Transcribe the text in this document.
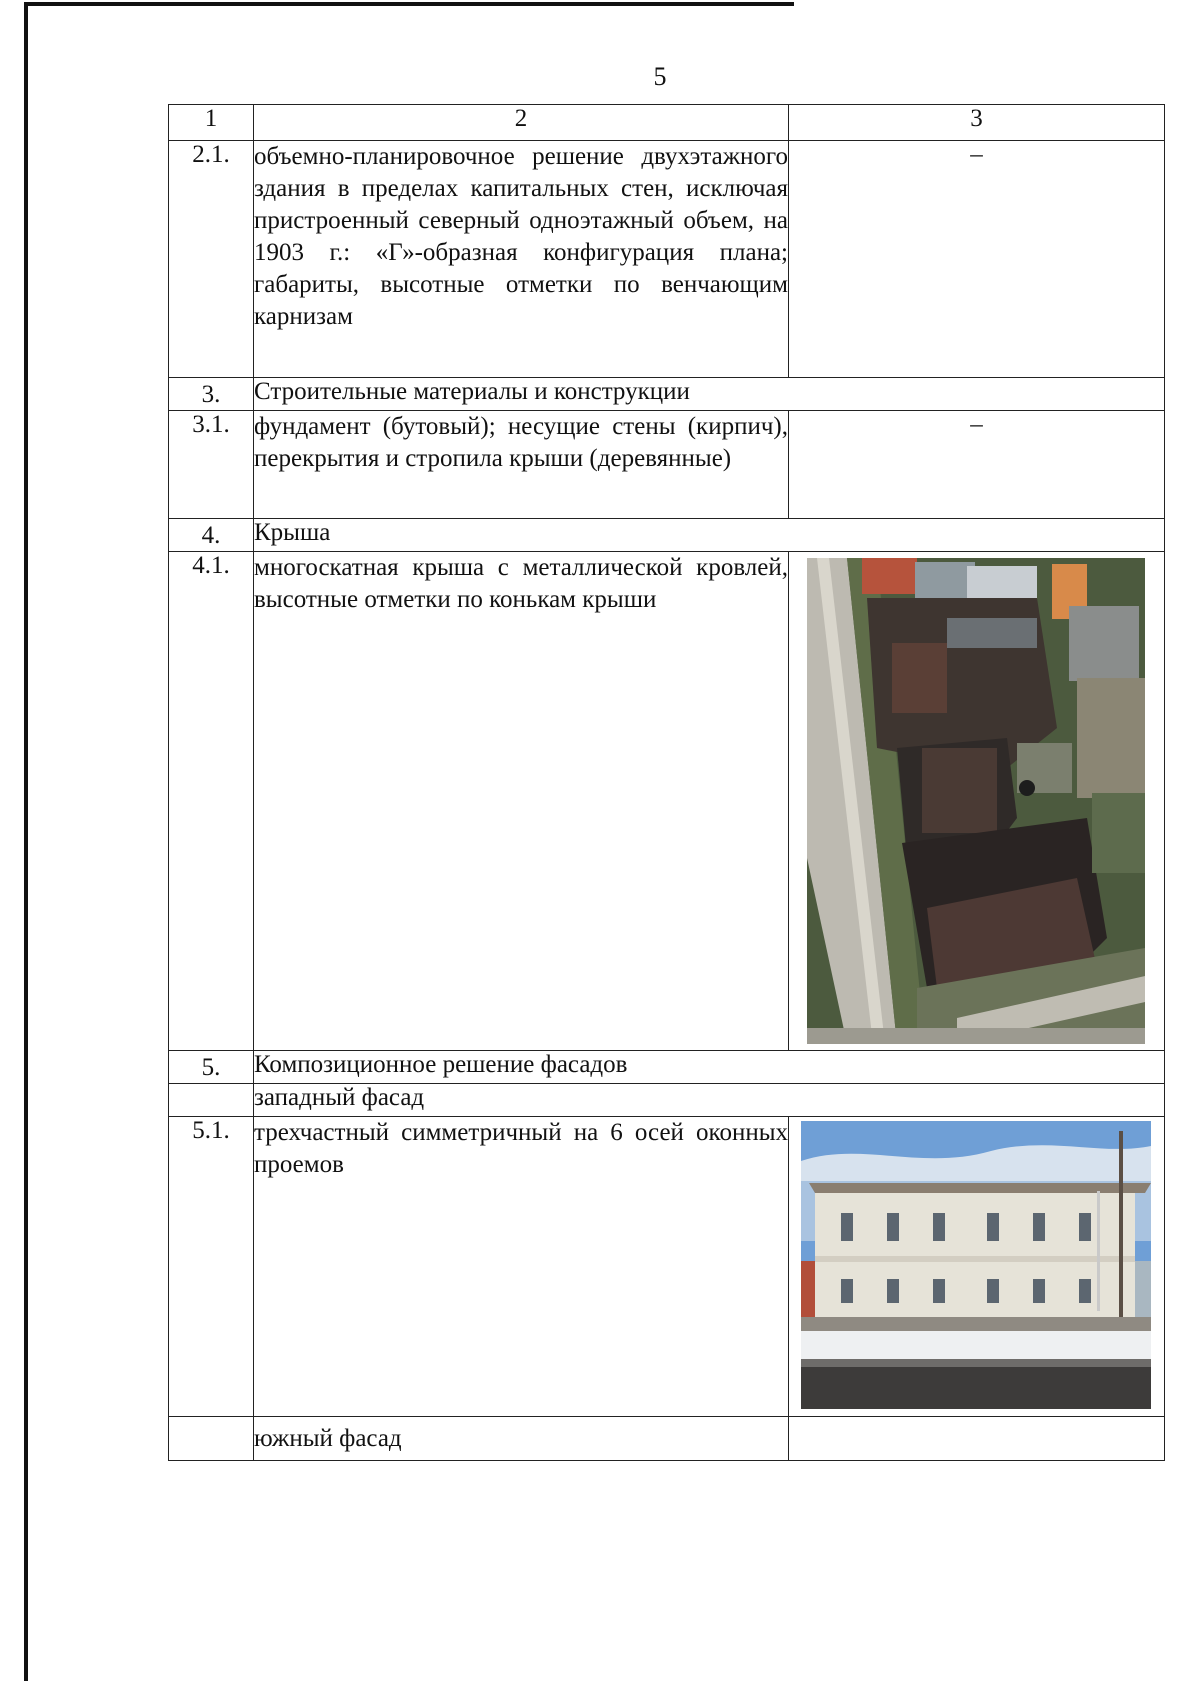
5
1	2	3
2.1.	объемно-планировочное решение двухэтажного здания в пределах капитальных стен, исключая пристроенный северный одноэтажный объем, на 1903 г.: «Г»-образная конфигурация плана; габариты, высотные отметки по венчающим карнизам	–
3.	Строительные материалы и конструкции	
3.1.	фундамент (бутовый); несущие стены (кирпич), перекрытия и стропила крыши (деревянные)	–
4.	Крыша	
4.1.	многоскатная крыша с металлической кровлей, высотные отметки по конькам крыши	

5.	Композиционное решение фасадов	
	западный фасад	
5.1.	трехчастный симметричный на 6 осей оконных проемов	

	южный фасад	
